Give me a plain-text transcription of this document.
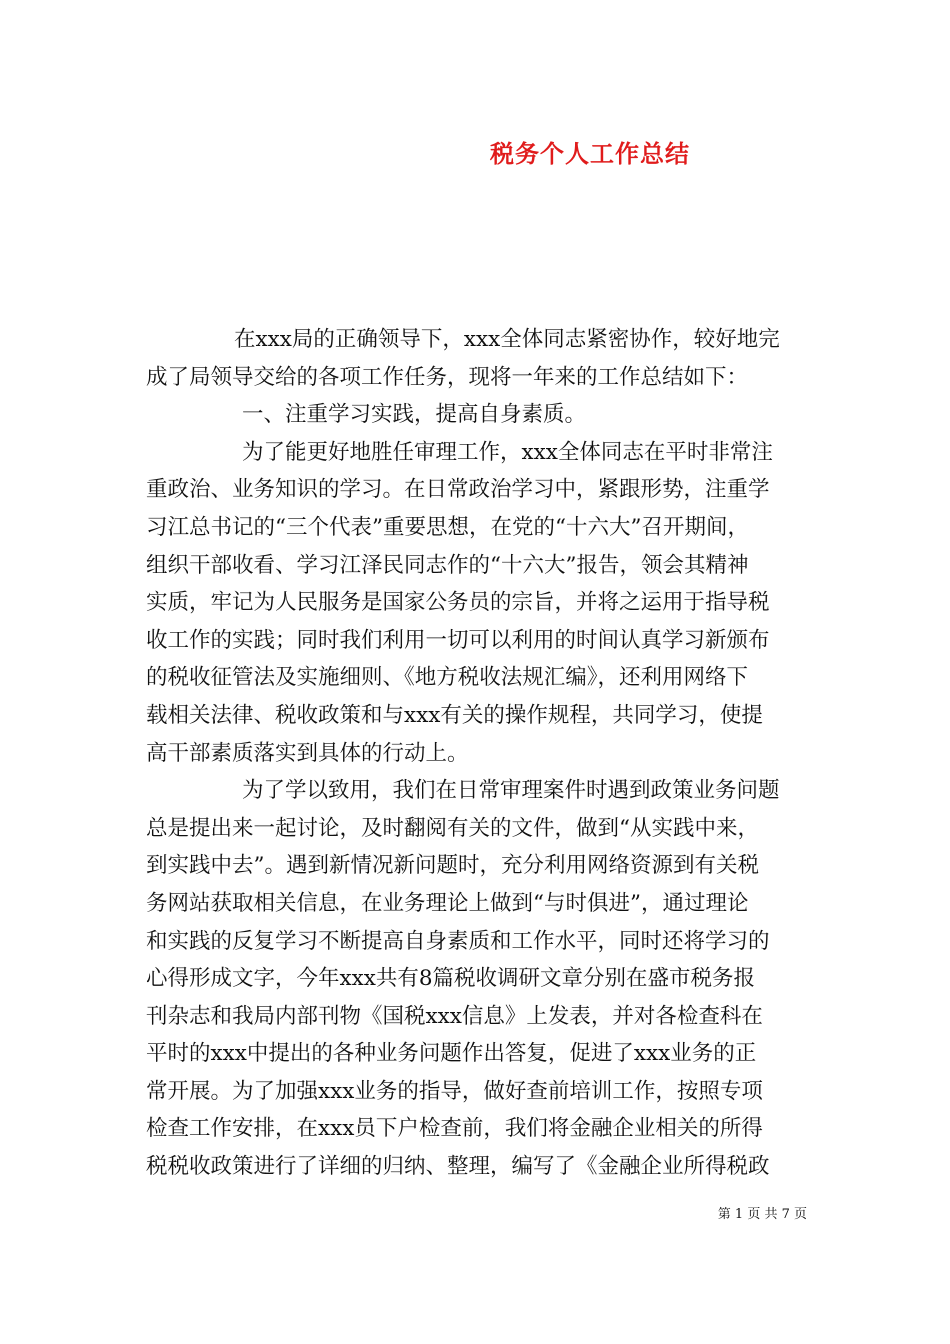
税务个人工作总结
在xxx局的正确领导下，xxx全体同志紧密协作，较好地完
成了局领导交给的各项工作任务，现将一年来的工作总结如下：
一、注重学习实践，提高自身素质。
为了能更好地胜任审理工作，xxx全体同志在平时非常注
重政治、业务知识的学习。在日常政治学习中，紧跟形势，注重学
习江总书记的“三个代表”重要思想，在党的“十六大”召开期间，
组织干部收看、学习江泽民同志作的“十六大”报告，领会其精神
实质，牢记为人民服务是国家公务员的宗旨，并将之运用于指导税
收工作的实践；同时我们利用一切可以利用的时间认真学习新颁布
的税收征管法及实施细则、《地方税收法规汇编》，还利用网络下
载相关法律、税收政策和与xxx有关的操作规程，共同学习，使提
高干部素质落实到具体的行动上。
为了学以致用，我们在日常审理案件时遇到政策业务问题
总是提出来一起讨论，及时翻阅有关的文件，做到“从实践中来，
到实践中去”。遇到新情况新问题时，充分利用网络资源到有关税
务网站获取相关信息，在业务理论上做到“与时俱进”，通过理论
和实践的反复学习不断提高自身素质和工作水平，同时还将学习的
心得形成文字，今年xxx共有8篇税收调研文章分别在盛市税务报
刊杂志和我局内部刊物《国税xxx信息》上发表，并对各检查科在
平时的xxx中提出的各种业务问题作出答复，促进了xxx业务的正
常开展。为了加强xxx业务的指导，做好查前培训工作，按照专项
检查工作安排，在xxx员下户检查前，我们将金融企业相关的所得
税税收政策进行了详细的归纳、整理，编写了《金融企业所得税政
第 1 页 共 7 页
